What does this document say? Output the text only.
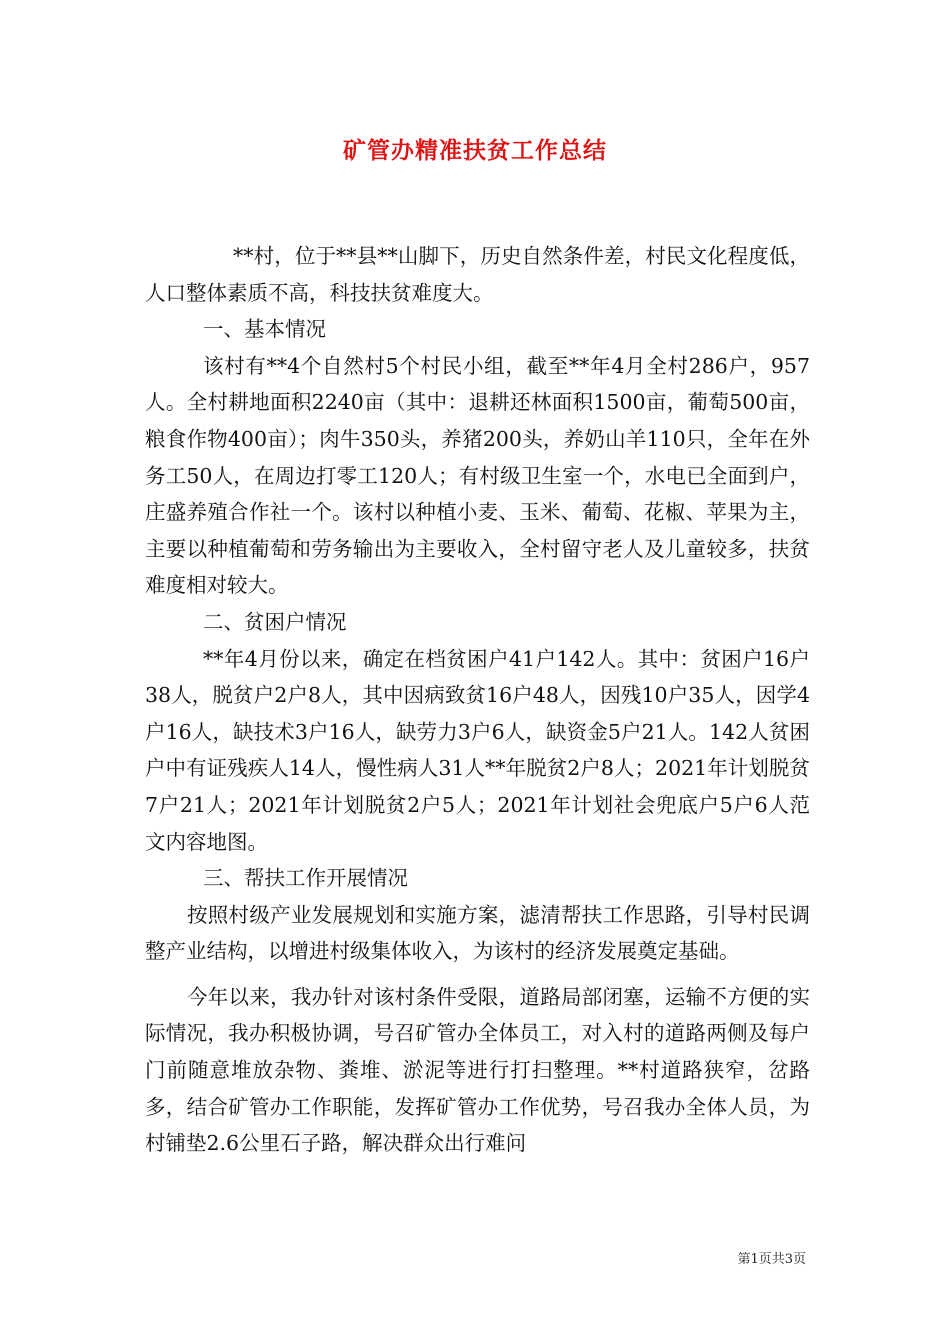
矿管办精准扶贫工作总结

**村，位于**县**山脚下，历史自然条件差，村民文化程度低，人口整体素质不高，科技扶贫难度大。

一、基本情况

该村有**4个自然村5个村民小组，截至**年4月全村286户，957人。全村耕地面积2240亩（其中：退耕还林面积1500亩，葡萄500亩，粮食作物400亩）；肉牛350头，养猪200头，养奶山羊110只，全年在外务工50人，在周边打零工120人；有村级卫生室一个，水电已全面到户，庄盛养殖合作社一个。该村以种植小麦、玉米、葡萄、花椒、苹果为主，主要以种植葡萄和劳务输出为主要收入，全村留守老人及儿童较多，扶贫难度相对较大。

二、贫困户情况

**年4月份以来，确定在档贫困户41户142人。其中：贫困户16户38人，脱贫户2户8人，其中因病致贫16户48人，因残10户35人，因学4户16人，缺技术3户16人，缺劳力3户6人，缺资金5户21人。142人贫困户中有证残疾人14人，慢性病人31人**年脱贫2户8人；2021年计划脱贫7户21人；2021年计划脱贫2户5人；2021年计划社会兜底户5户6人范文内容地图。

三、帮扶工作开展情况

按照村级产业发展规划和实施方案，滤清帮扶工作思路，引导村民调整产业结构，以增进村级集体收入，为该村的经济发展奠定基础。

今年以来，我办针对该村条件受限，道路局部闭塞，运输不方便的实际情况，我办积极协调，号召矿管办全体员工，对入村的道路两侧及每户门前随意堆放杂物、粪堆、淤泥等进行打扫整理。**村道路狭窄，岔路多，结合矿管办工作职能，发挥矿管办工作优势，号召我办全体人员，为村铺垫2.6公里石子路，解决群众出行难问

第1页共3页
